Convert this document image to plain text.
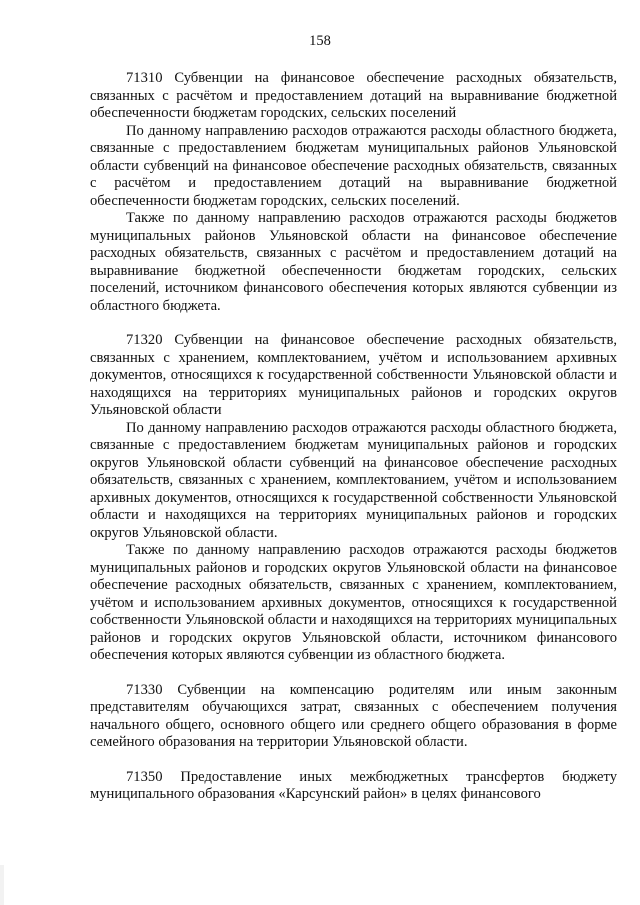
158

71310 Субвенции на финансовое обеспечение расходных обязательств, связанных с расчётом и предоставлением дотаций на выравнивание бюджетной обеспеченности бюджетам городских, сельских поселений

По данному направлению расходов отражаются расходы областного бюджета, связанные с предоставлением бюджетам муниципальных районов Ульяновской области субвенций на финансовое обеспечение расходных обязательств, связанных с расчётом и предоставлением дотаций на выравнивание бюджетной обеспеченности бюджетам городских, сельских поселений.

Также по данному направлению расходов отражаются расходы бюджетов муниципальных районов Ульяновской области на финансовое обеспечение расходных обязательств, связанных с расчётом и предоставлением дотаций на выравнивание бюджетной обеспеченности бюджетам городских, сельских поселений, источником финансового обеспечения которых являются субвенции из областного бюджета.

71320 Субвенции на финансовое обеспечение расходных обязательств, связанных с хранением, комплектованием, учётом и использованием архивных документов, относящихся к государственной собственности Ульяновской области и находящихся на территориях муниципальных районов и городских округов Ульяновской области

По данному направлению расходов отражаются расходы областного бюджета, связанные с предоставлением бюджетам муниципальных районов и городских округов Ульяновской области субвенций на финансовое обеспечение расходных обязательств, связанных с хранением, комплектованием, учётом и использованием архивных документов, относящихся к государственной собственности Ульяновской области и находящихся на территориях муниципальных районов и городских округов Ульяновской области.

Также по данному направлению расходов отражаются расходы бюджетов муниципальных районов и городских округов Ульяновской области на финансовое обеспечение расходных обязательств, связанных с хранением, комплектованием, учётом и использованием архивных документов, относящихся к государственной собственности Ульяновской области и находящихся на территориях муниципальных районов и городских округов Ульяновской области, источником финансового обеспечения которых являются субвенции из областного бюджета.

71330 Субвенции на компенсацию родителям или иным законным представителям обучающихся затрат, связанных с обеспечением получения начального общего, основного общего или среднего общего образования в форме семейного образования на территории Ульяновской области.

71350 Предоставление иных межбюджетных трансфертов бюджету муниципального образования «Карсунский район» в целях финансового
